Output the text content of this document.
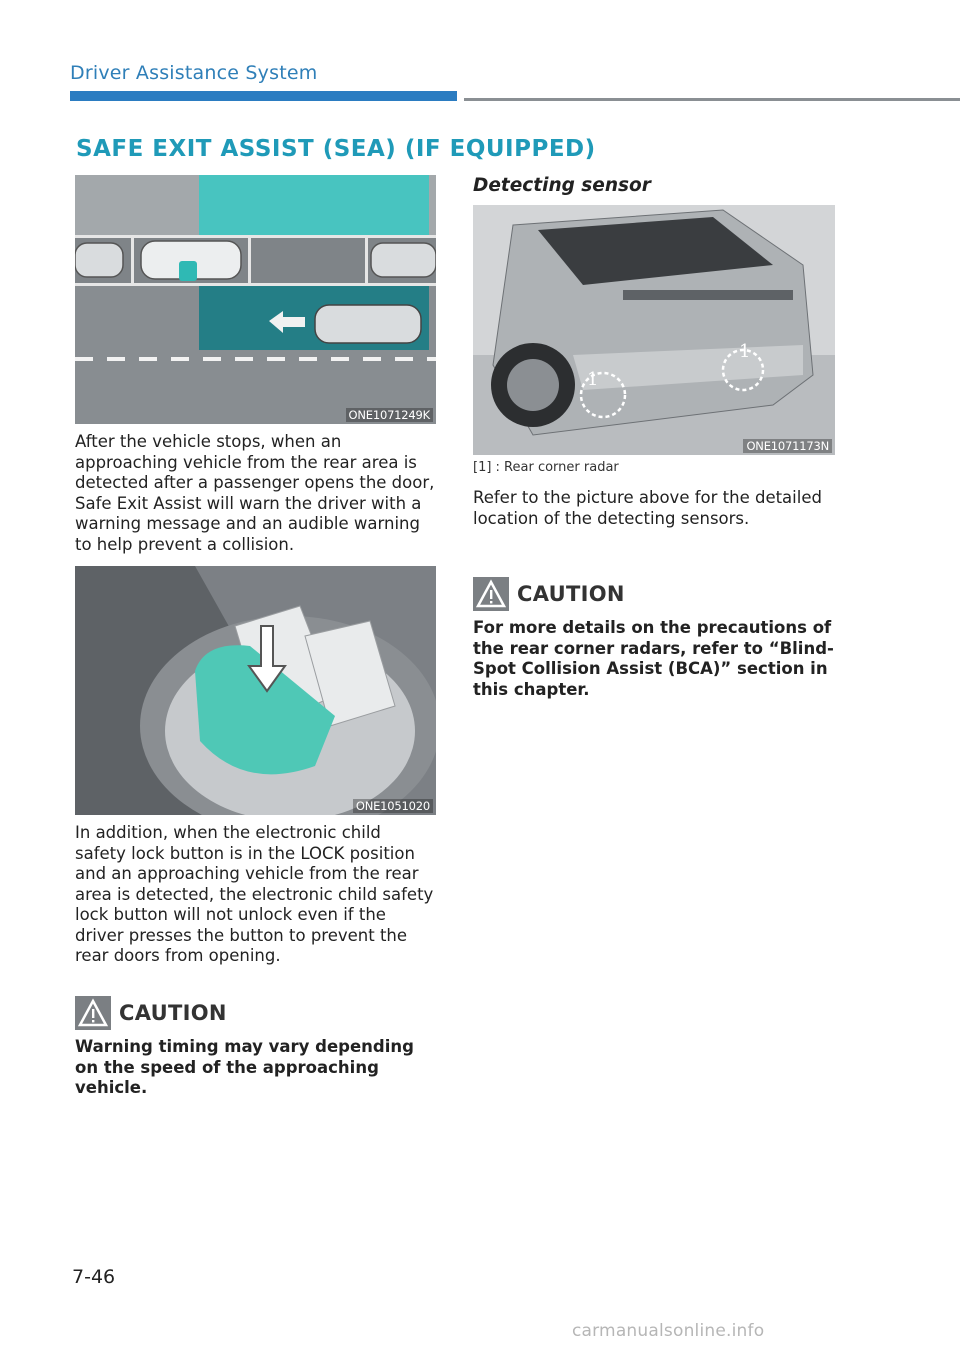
Driver Assistance System
SAFE EXIT ASSIST (SEA) (IF EQUIPPED)
ONE1071249K
After the vehicle stops, when an approaching vehicle from the rear area is detected after a passenger opens the door, Safe Exit Assist will warn the driver with a warning message and an audible warning to help prevent a collision.
ONE1051020
In addition, when the electronic child safety lock button is in the LOCK position and an approaching vehicle from the rear area is detected, the electronic child safety lock button will not unlock even if the driver presses the button to prevent the rear doors from opening.
CAUTION
Warning timing may vary depending on the speed of the approaching vehicle.
Detecting sensor
1
1
ONE1071173N
[1] : Rear corner radar
Refer to the picture above for the detailed location of the detecting sensors.
CAUTION
For more details on the precautions of the rear corner radars, refer to “Blind-Spot Collision Assist (BCA)” section in this chapter.
7-46
carmanualsonline.info
